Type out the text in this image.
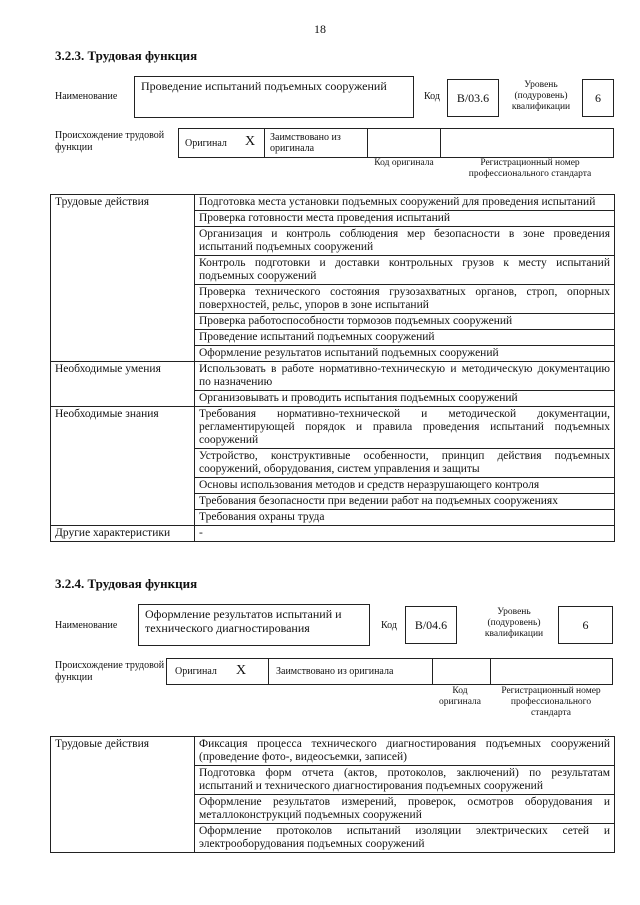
18
3.2.3. Трудовая функция
Наименование
Проведение испытаний подъемных сооружений
Код	B/03.6
Уровень (подуровень) квалификации
6
Происхождение трудовой функции	Оригинал X Заимствовано из оригинала
Код оригинала	Регистрационный номер профессионального стандарта
Трудовые действия	Подготовка места установки подъемных сооружений для проведения испытаний
	Проверка готовности места проведения испытаний
	Организация и контроль соблюдения мер безопасности в зоне проведения испытаний подъемных сооружений
	Контроль подготовки и доставки контрольных грузов к месту испытаний подъемных сооружений
	Проверка технического состояния грузозахватных органов, строп, опорных поверхностей, рельс, упоров в зоне испытаний
	Проверка работоспособности тормозов подъемных сооружений
	Проведение испытаний подъемных сооружений
	Оформление результатов испытаний подъемных сооружений
Необходимые умения	Использовать в работе нормативно-техническую и методическую документацию по назначению
	Организовывать и проводить испытания подъемных сооружений
Необходимые знания	Требования нормативно-технической и методической документации, регламентирующей порядок и правила проведения испытаний подъемных сооружений
	Устройство, конструктивные особенности, принцип действия подъемных сооружений, оборудования, систем управления и защиты
	Основы использования методов и средств неразрушающего контроля
	Требования безопасности при ведении работ на подъемных сооружениях
	Требования охраны труда
Другие характеристики	-
3.2.4. Трудовая функция
Наименование
Оформление результатов испытаний и технического диагностирования	Код	B/04.6
Уровень (подуровень) квалификации
6
Происхождение трудовой функции
Оригинал X	Заимствовано из оригинала
Код оригинала
Регистрационный номер профессионального стандарта
Трудовые действия	Фиксация процесса технического диагностирования подъемных сооружений (проведение фото-, видеосъемки, записей)
Подготовка форм отчета (актов, протоколов, заключений) по результатам испытаний и технического диагностирования подъемных сооружений
Оформление результатов измерений, проверок, осмотров оборудования и металлоконструкций подъемных сооружений
Оформление протоколов испытаний изоляции электрических сетей и электрооборудования подъемных сооружений
